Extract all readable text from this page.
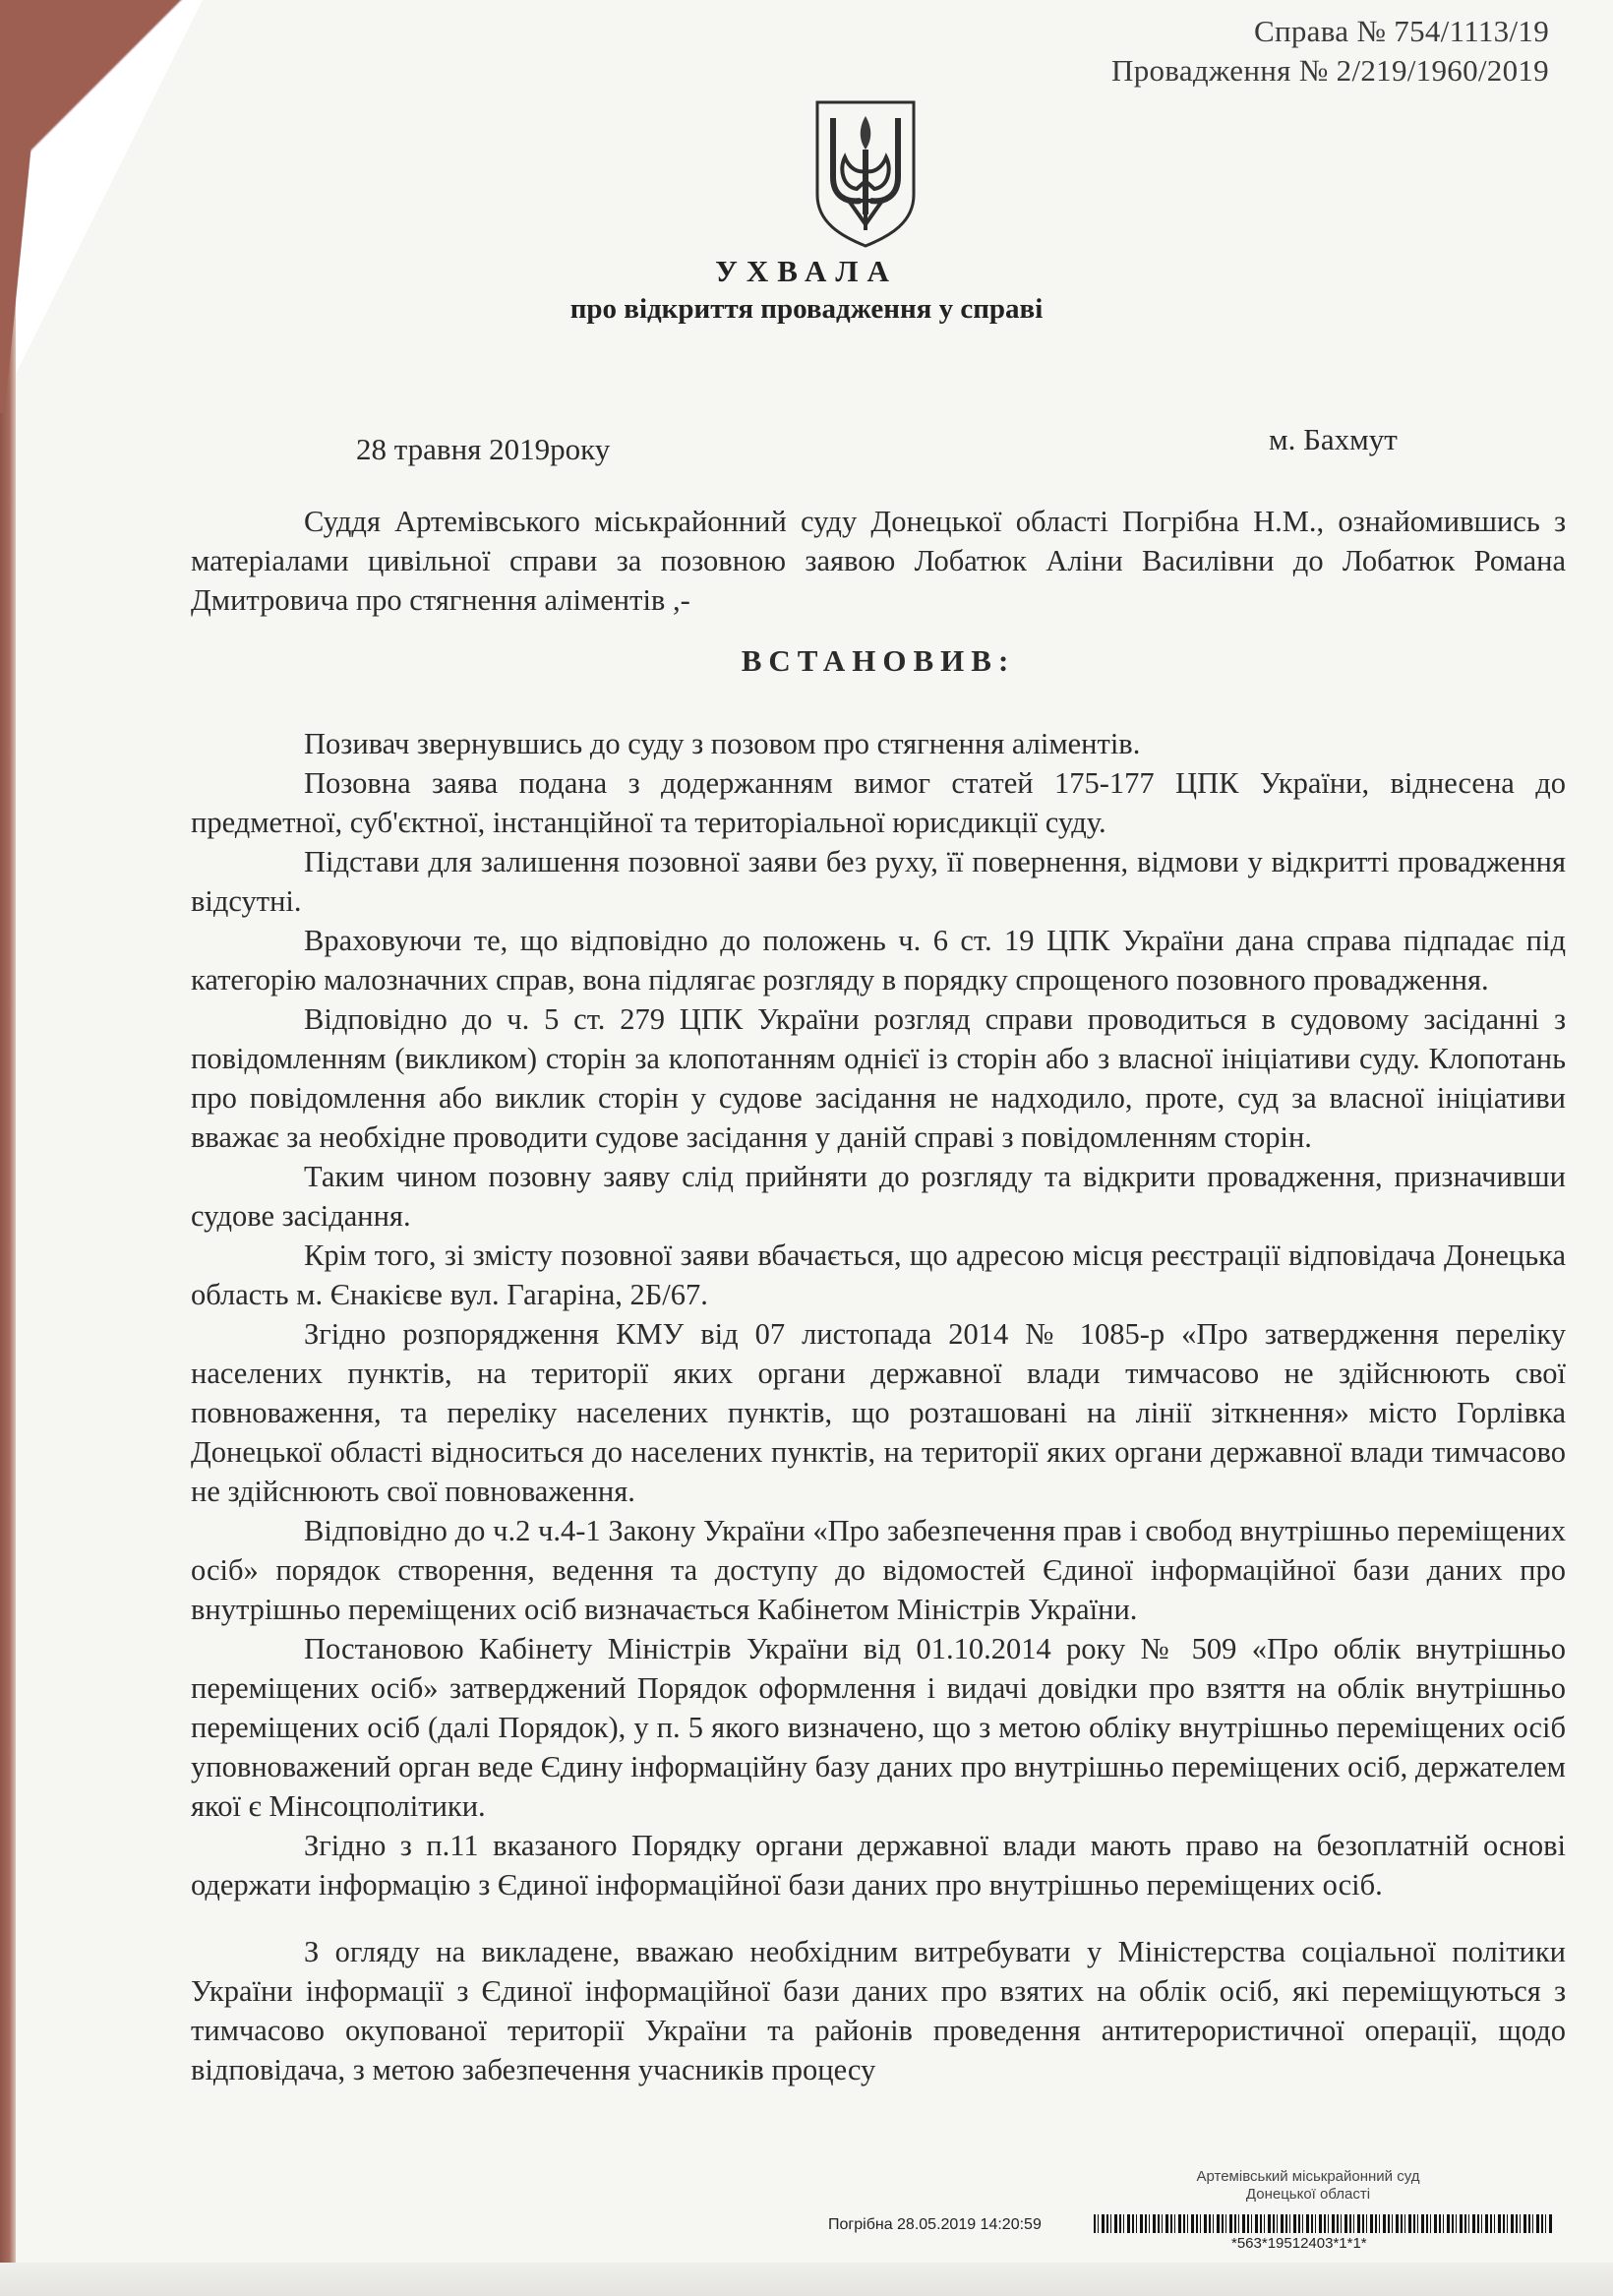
Справа № 754/1113/19
Провадження № 2/219/1960/2019
УХВАЛА
про відкриття провадження у справі
28 травня 2019року	м. Бахмут

Суддя Артемівського міськрайонний суду Донецької області Погрібна Н.М., ознайомившись з матеріалами цивільної справи за позовною заявою Лобатюк Аліни Василівни до Лобатюк Романа Дмитровича про стягнення аліментів ,-

ВСТАНОВИВ:

Позивач звернувшись до суду з позовом про стягнення аліментів.

Позовна заява подана з додержанням вимог статей 175-177 ЦПК України, віднесена до предметної, суб'єктної, інстанційної та територіальної юрисдикції суду.

Підстави для залишення позовної заяви без руху, її повернення, відмови у відкритті провадження відсутні.

Враховуючи те, що відповідно до положень ч. 6 ст. 19 ЦПК України дана справа підпадає під категорію малозначних справ, вона підлягає розгляду в порядку спрощеного позовного провадження.

Відповідно до ч. 5 ст. 279 ЦПК України розгляд справи проводиться в судовому засіданні з повідомленням (викликом) сторін за клопотанням однієї із сторін або з власної ініціативи суду. Клопотань про повідомлення або виклик сторін у судове засідання не надходило, проте, суд за власної ініціативи вважає за необхідне проводити судове засідання у даній справі з повідомленням сторін.

Таким чином позовну заяву слід прийняти до розгляду та відкрити провадження, призначивши судове засідання.

Крім того, зі змісту позовної заяви вбачається, що адресою місця реєстрації відповідача Донецька область м. Єнакієве вул. Гагаріна, 2Б/67.

Згідно розпорядження КМУ від 07 листопада 2014 № 1085-р «Про затвердження переліку населених пунктів, на території яких органи державної влади тимчасово не здійснюють свої повноваження, та переліку населених пунктів, що розташовані на лінії зіткнення» місто Горлівка Донецької області відноситься до населених пунктів, на території яких органи державної влади тимчасово не здійснюють свої повноваження.

Відповідно до ч.2 ч.4-1 Закону України «Про забезпечення прав і свобод внутрішньо переміщених осіб» порядок створення, ведення та доступу до відомостей Єдиної інформаційної бази даних про внутрішньо переміщених осіб визначається Кабінетом Міністрів України.

Постановою Кабінету Міністрів України від 01.10.2014 року № 509 «Про облік внутрішньо переміщених осіб» затверджений Порядок оформлення і видачі довідки про взяття на облік внутрішньо переміщених осіб (далі Порядок), у п. 5 якого визначено, що з метою обліку внутрішньо переміщених осіб уповноважений орган веде Єдину інформаційну базу даних про внутрішньо переміщених осіб, держателем якої є Мінсоцполітики.

Згідно з п.11 вказаного Порядку органи державної влади мають право на безоплатній основі одержати інформацію з Єдиної інформаційної бази даних про внутрішньо переміщених осіб.

З огляду на викладене, вважаю необхідним витребувати у Міністерства соціальної політики України інформації з Єдиної інформаційної бази даних про взятих на облік осіб, які переміщуються з тимчасово окупованої території України та районів проведення антитерористичної операції, щодо відповідача, з метою забезпечення учасників процесу

Артемівський міськрайонний суд
Донецької області
Погрібна 28.05.2019 14:20:59
*563*19512403*1*1*
